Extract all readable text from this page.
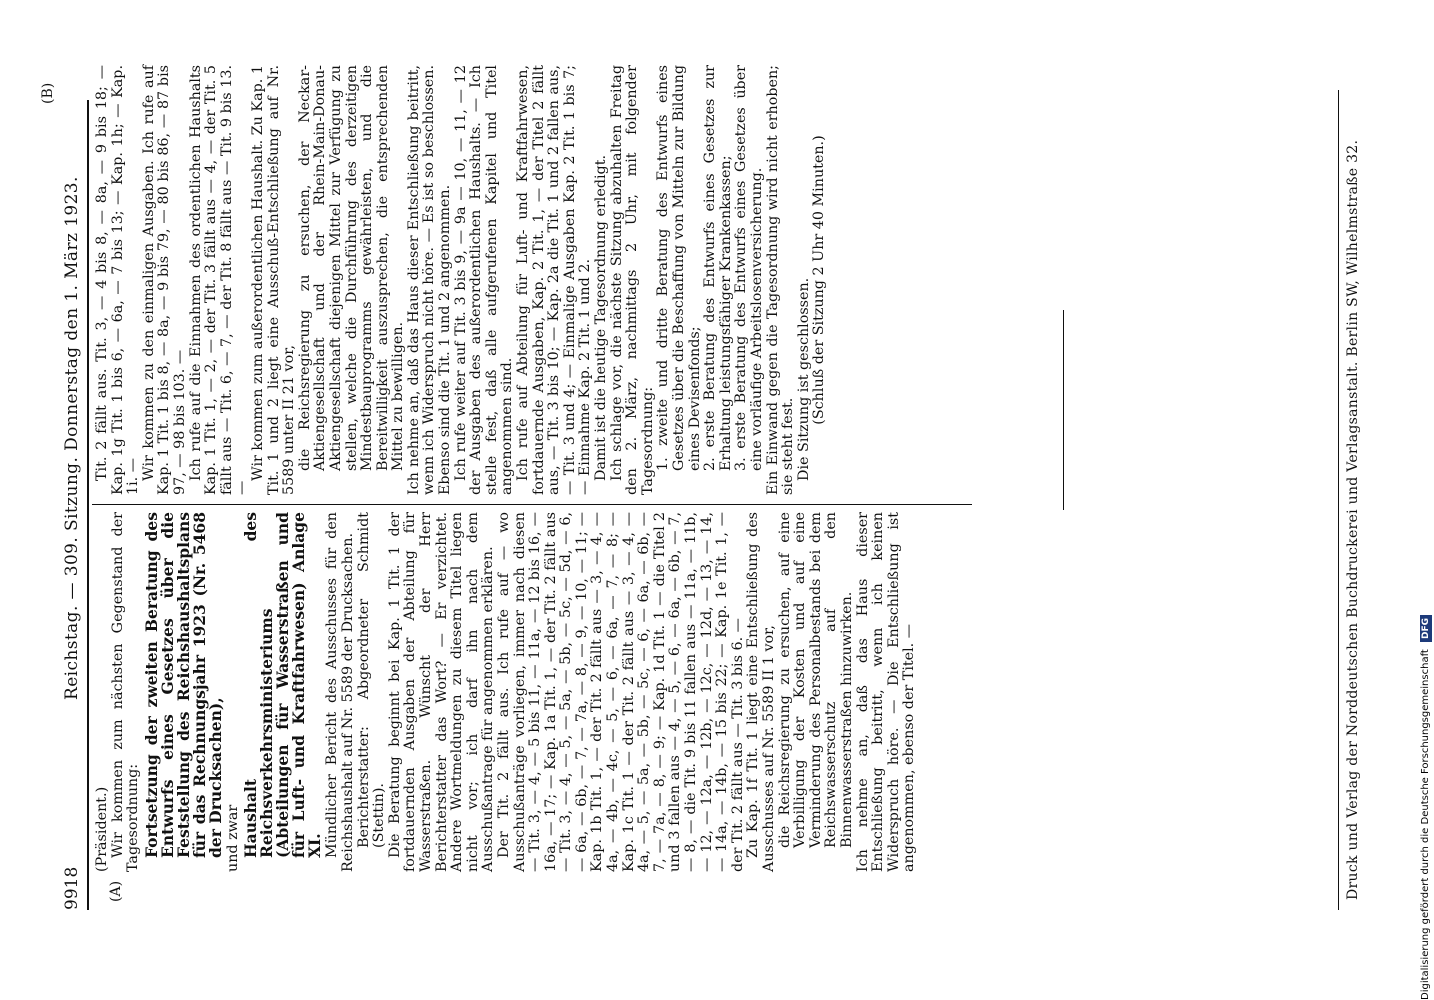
9918
Reichstag. — 309. Sitzung. Donnerstag den 1. März 1923.
(A)
(B)

(Präsident.) Wir kommen zum nächsten Gegenstand der Tagesordnung: Fortsetzung der zweiten Beratung des Entwurfs eines Gesetzes über die Feststellung des Reichshaushaltsplans für das Rechnungsjahr 1923 (Nr. 5468 der Drucksachen), und zwar Haushalt des Reichsverkehrsministeriums (Abteilungen für Wasserstraßen und für Luft- und Kraftfahrwesen) Anlage XI. Mündlicher Bericht des Ausschusses für den Reichshaushalt auf Nr. 5589 der Drucksachen. Berichterstatter: Abgeordneter Schmidt (Stettin). Die Beratung beginnt bei Kap. 1 Tit. 1 der fortdauernden Ausgaben der Abteilung für Wasserstraßen. Wünscht der Herr Berichterstatter das Wort? — Er verzichtet. Andere Wortmeldungen zu diesem Titel liegen nicht vor; ich darf ihn nach dem Ausschußantrage für angenommen erklären. Der Tit. 2 fällt aus. Ich rufe auf — wo Ausschußanträge vorliegen, immer nach diesen — Tit. 3, — 4, — 5 bis 11, — 11a, — 12 bis 16, — 16a, — 17; — Kap. 1a Tit. 1, — der Tit. 2 fällt aus — Tit. 3, — 4, — 5, — 5a, — 5b, — 5c, — 5d, — 6, — 6a, — 6b, — 7, — 7a, — 8, — 9, — 10, — 11; — Kap. 1b Tit. 1, — der Tit. 2 fällt aus — 3, — 4, — 4a, — 4b, — 4c, — 5, — 6, — 6a, — 7, — 8; — Kap. 1c Tit. 1 — der Tit. 2 fällt aus — 3, — 4, — 4a, — 5, — 5a, — 5b, — 5c, — 6, — 6a, — 6b, — 7, — 7a, — 8, — 9; — Kap. 1d Tit. 1 — die Titel 2 und 3 fallen aus — 4, — 5, — 6, — 6a, — 6b, — 7, — 8, — die Tit. 9 bis 11 fallen aus — 11a, — 11b, — 12, — 12a, — 12b, — 12c, — 12d, — 13, — 14, — 14a, — 14b, — 15 bis 22; — Kap. 1e Tit. 1, — der Tit. 2 fällt aus — Tit. 3 bis 6. — Zu Kap. 1f Tit. 1 liegt eine Entschließung des Ausschusses auf Nr. 5589 II 1 vor, die Reichsregierung zu ersuchen, auf eine Verbilligung der Kosten und auf eine Verminderung des Personalbestands bei dem Reichswasserschutz auf den Binnenwasserstraßen hinzuwirken. Ich nehme an, daß das Haus dieser Entschließung beitritt, wenn ich keinen Widerspruch höre. — Die Entschließung ist angenommen, ebenso der Titel. —

Tit. 2 fällt aus. Tit. 3, — 4 bis 8, — 8a, — 9 bis 18; — Kap. 1g Tit. 1 bis 6, — 6a, — 7 bis 13; — Kap. 1h; — Kap. 1i. — Wir kommen zu den einmaligen Ausgaben. Ich rufe auf Kap. 1 Tit. 1 bis 8, — 8a, — 9 bis 79, — 80 bis 86, — 87 bis 97, — 98 bis 103. — Ich rufe auf die Einnahmen des ordentlichen Haushalts Kap. 1 Tit. 1, — 2, — der Tit. 3 fällt aus — 4, — der Tit. 5 fällt aus — Tit. 6, — 7, — der Tit. 8 fällt aus — Tit. 9 bis 13. —

Wir kommen zum außerordentlichen Haushalt. Zu Kap. 1 Tit. 1 und 2 liegt eine Ausschuß-Entschließung auf Nr. 5589 unter II 21 vor, die Reichsregierung zu ersuchen, der Neckar-Aktiengesellschaft und der Rhein-Main-Donau-Aktiengesellschaft diejenigen Mittel zur Verfügung zu stellen, welche die Durchführung des derzeitigen Mindestbauprogramms gewährleisten, und die Bereitwilligkeit auszusprechen, die entsprechenden Mittel zu bewilligen. Ich nehme an, daß das Haus dieser Entschließung beitritt, wenn ich Widerspruch nicht höre. — Es ist so beschlossen. Ebenso sind die Tit. 1 und 2 angenommen. Ich rufe weiter auf Tit. 3 bis 9, — 9a — 10, — 11, — 12 der Ausgaben des außerordentlichen Haushalts. — Ich stelle fest, daß alle aufgerufenen Kapitel und Titel angenommen sind. Ich rufe auf Abteilung für Luft- und Kraftfahrwesen, fortdauernde Ausgaben, Kap. 2 Tit. 1, — der Titel 2 fällt aus, — Tit. 3 bis 10; — Kap. 2a die Tit. 1 und 2 fallen aus, — Tit. 3 und 4; — Einmalige Ausgaben Kap. 2 Tit. 1 bis 7; — Einnahme Kap. 2 Tit. 1 und 2. Damit ist die heutige Tagesordnung erledigt. Ich schlage vor, die nächste Sitzung abzuhalten Freitag den 2. März, nachmittags 2 Uhr, mit folgender Tagesordnung: 1. zweite und dritte Beratung des Entwurfs eines Gesetzes über die Beschaffung von Mitteln zur Bildung eines Devisenfonds; 2. erste Beratung des Entwurfs eines Gesetzes zur Erhaltung leistungsfähiger Krankenkassen; 3. erste Beratung des Entwurfs eines Gesetzes über eine vorläufige Arbeitslosenversicherung. Ein Einwand gegen die Tagesordnung wird nicht erhoben; sie steht fest. Die Sitzung ist geschlossen. (Schluß der Sitzung 2 Uhr 40 Minuten.)	Druck und Verlag der Norddeutschen Buchdruckerei und Verlagsanstalt. Berlin SW, Wilhelmstraße 32.	Digitalisierung gefördert durch die Deutsche Forschungsgemeinschaft DFG
